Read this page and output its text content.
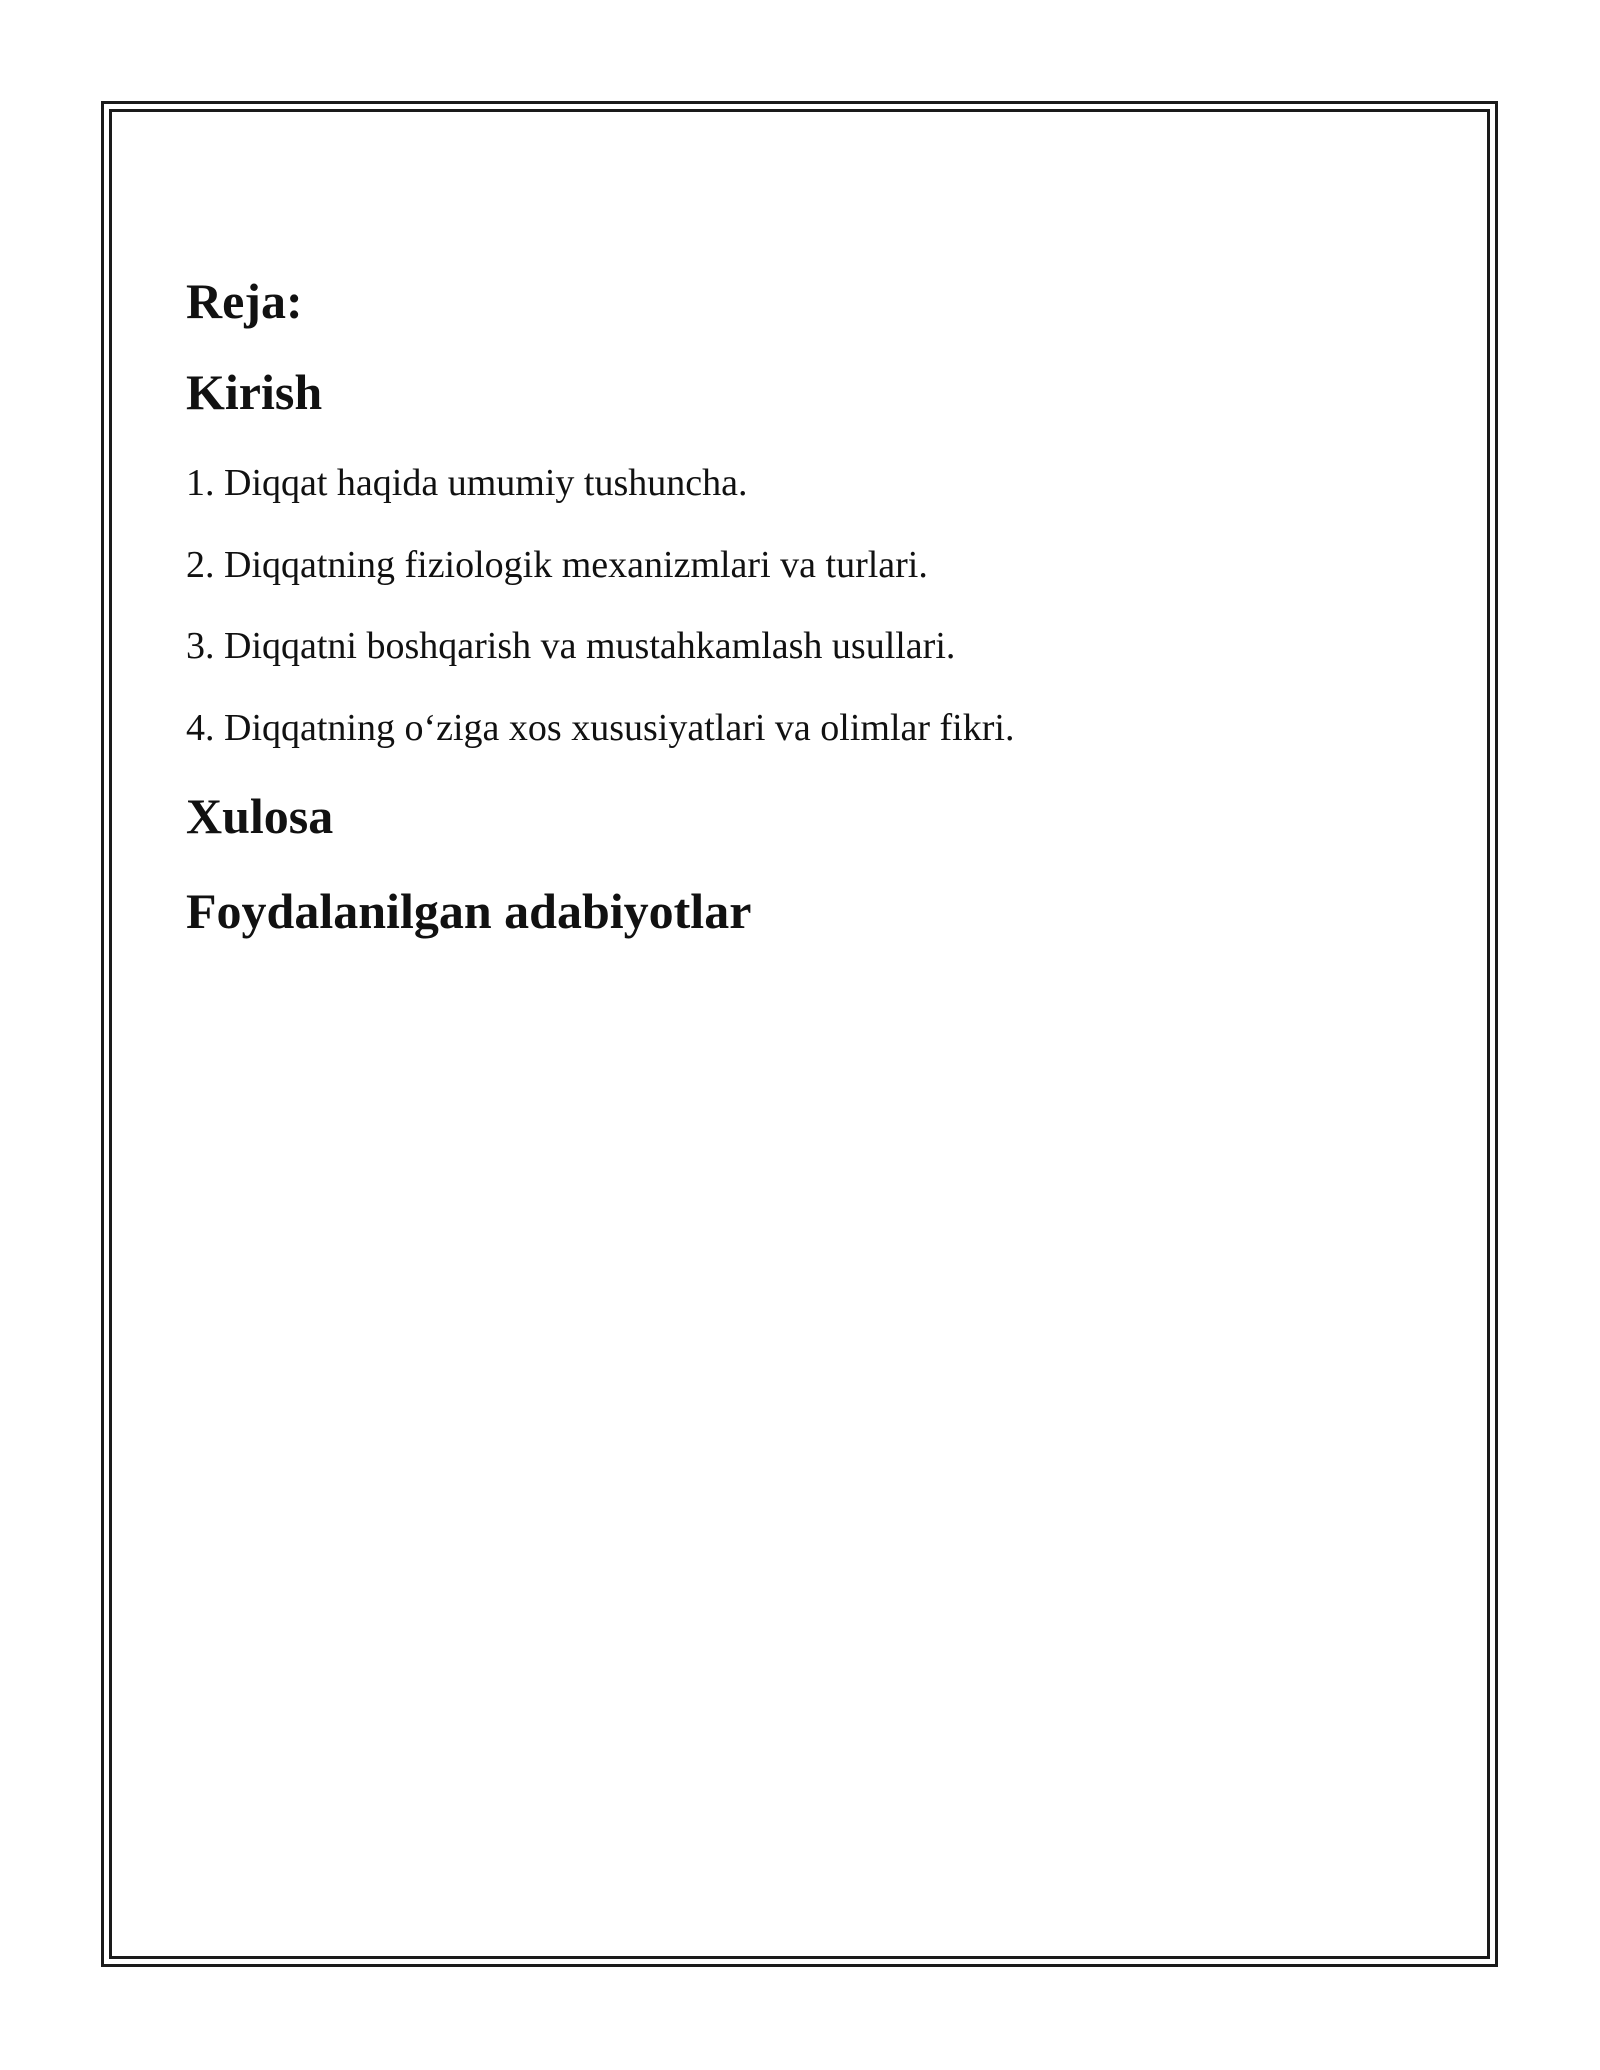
Reja:

Kirish

1. Diqqat haqida umumiy tushuncha.

2. Diqqatning fiziologik mexanizmlari va turlari.

3. Diqqatni boshqarish va mustahkamlash usullari.

4. Diqqatning o‘ziga xos xususiyatlari va olimlar fikri.

Xulosa

Foydalanilgan adabiyotlar
